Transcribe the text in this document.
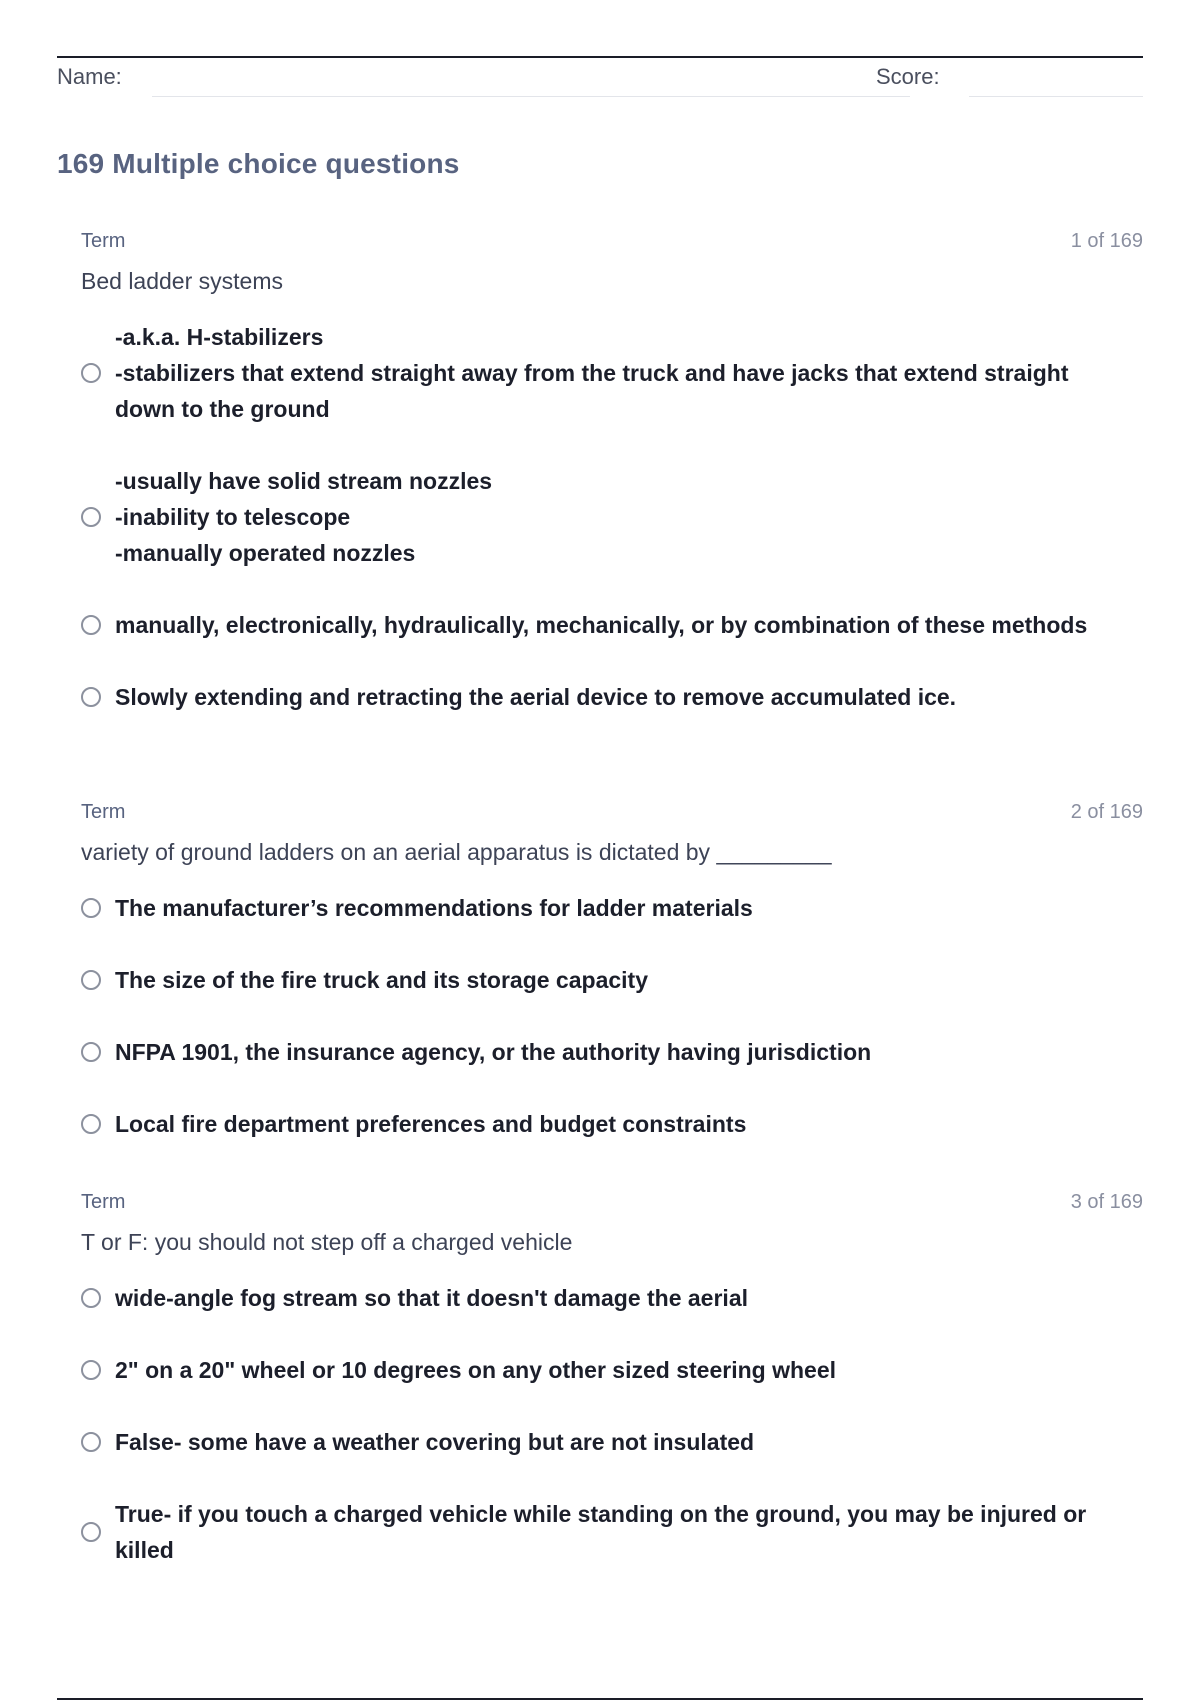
Name:	Score:
169 Multiple choice questions
Term	1 of 169
Bed ladder systems
-a.k.a. H-stabilizers
-stabilizers that extend straight away from the truck and have jacks that extend straight down to the ground
-usually have solid stream nozzles
-inability to telescope
-manually operated nozzles
manually, electronically, hydraulically, mechanically, or by combination of these methods
Slowly extending and retracting the aerial device to remove accumulated ice.
Term	2 of 169
variety of ground ladders on an aerial apparatus is dictated by _________
The manufacturer’s recommendations for ladder materials
The size of the fire truck and its storage capacity
NFPA 1901, the insurance agency, or the authority having jurisdiction
Local fire department preferences and budget constraints
Term	3 of 169
T or F: you should not step off a charged vehicle
wide-angle fog stream so that it doesn't damage the aerial
2" on a 20" wheel or 10 degrees on any other sized steering wheel
False- some have a weather covering but are not insulated
True- if you touch a charged vehicle while standing on the ground, you may be injured or killed
